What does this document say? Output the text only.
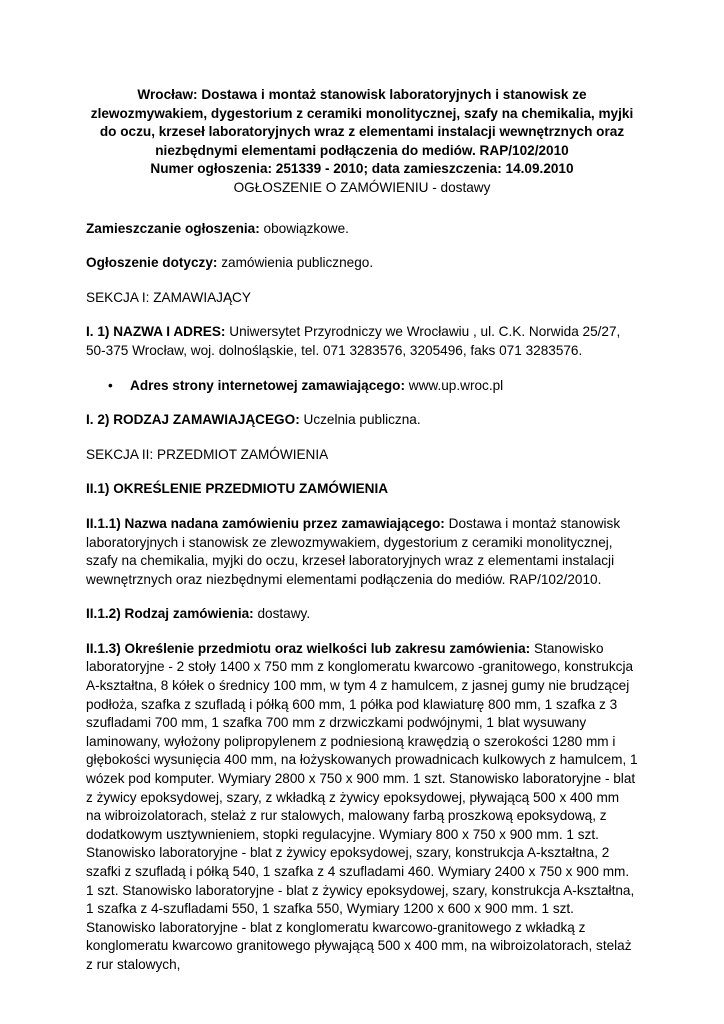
Wrocław: Dostawa i montaż stanowisk laboratoryjnych i stanowisk ze zlewozmywakiem, dygestorium z ceramiki monolitycznej, szafy na chemikalia, myjki do oczu, krzeseł laboratoryjnych wraz z elementami instalacji wewnętrznych oraz niezbędnymi elementami podłączenia do mediów. RAP/102/2010
Numer ogłoszenia: 251339 - 2010; data zamieszczenia: 14.09.2010
OGŁOSZENIE O ZAMÓWIENIU - dostawy

Zamieszczanie ogłoszenia: obowiązkowe.

Ogłoszenie dotyczy: zamówienia publicznego.

SEKCJA I: ZAMAWIAJĄCY

I. 1) NAZWA I ADRES: Uniwersytet Przyrodniczy we Wrocławiu , ul. C.K. Norwida 25/27, 50-375 Wrocław, woj. dolnośląskie, tel. 071 3283576, 3205496, faks 071 3283576.

• Adres strony internetowej zamawiającego: www.up.wroc.pl

I. 2) RODZAJ ZAMAWIAJĄCEGO: Uczelnia publiczna.

SEKCJA II: PRZEDMIOT ZAMÓWIENIA

II.1) OKREŚLENIE PRZEDMIOTU ZAMÓWIENIA

II.1.1) Nazwa nadana zamówieniu przez zamawiającego: Dostawa i montaż stanowisk laboratoryjnych i stanowisk ze zlewozmywakiem, dygestorium z ceramiki monolitycznej, szafy na chemikalia, myjki do oczu, krzeseł laboratoryjnych wraz z elementami instalacji wewnętrznych oraz niezbędnymi elementami podłączenia do mediów. RAP/102/2010.

II.1.2) Rodzaj zamówienia: dostawy.

II.1.3) Określenie przedmiotu oraz wielkości lub zakresu zamówienia: Stanowisko laboratoryjne - 2 stoły 1400 x 750 mm z konglomeratu kwarcowo -granitowego, konstrukcja A-kształtna, 8 kółek o średnicy 100 mm, w tym 4 z hamulcem, z jasnej gumy nie brudzącej podłoża, szafka z szufladą i półką 600 mm, 1 półka pod klawiaturę 800 mm, 1 szafka z 3 szufladami 700 mm, 1 szafka 700 mm z drzwiczkami podwójnymi, 1 blat wysuwany laminowany, wyłożony polipropylenem z podniesioną krawędzią o szerokości 1280 mm i głębokości wysunięcia 400 mm, na łożyskowanych prowadnicach kulkowych z hamulcem, 1 wózek pod komputer. Wymiary 2800 x 750 x 900 mm. 1 szt. Stanowisko laboratoryjne - blat z żywicy epoksydowej, szary, z wkładką z żywicy epoksydowej, pływającą 500 x 400 mm na wibroizolatorach, stelaż z rur stalowych, malowany farbą proszkową epoksydową, z dodatkowym usztywnieniem, stopki regulacyjne. Wymiary 800 x 750 x 900 mm. 1 szt. Stanowisko laboratoryjne - blat z żywicy epoksydowej, szary, konstrukcja A-kształtna, 2 szafki z szufladą i półką 540, 1 szafka z 4 szufladami 460. Wymiary 2400 x 750 x 900 mm. 1 szt. Stanowisko laboratoryjne - blat z żywicy epoksydowej, szary, konstrukcja A-kształtna, 1 szafka z 4-szufladami 550, 1 szafka 550, Wymiary 1200 x 600 x 900 mm. 1 szt. Stanowisko laboratoryjne - blat z konglomeratu kwarcowo-granitowego z wkładką z konglomeratu kwarcowo granitowego pływającą 500 x 400 mm, na wibroizolatorach, stelaż z rur stalowych,
